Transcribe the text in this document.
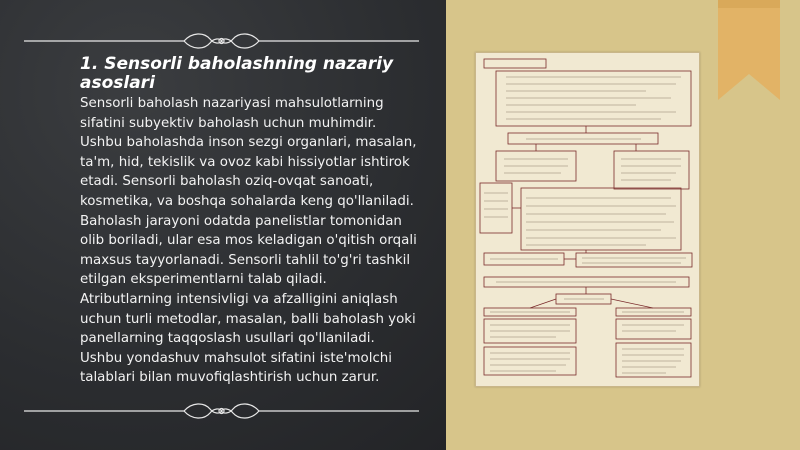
1. Sensorli baholashning nazariy asoslari

Sensorli baholash nazariyasi mahsulotlarning sifatini subyektiv baholash uchun muhimdir. Ushbu baholashda inson sezgi organlari, masalan, ta'm, hid, tekislik va ovoz kabi hissiyotlar ishtirok etadi. Sensorli baholash oziq-ovqat sanoati, kosmetika, va boshqa sohalarda keng qo'llaniladi. Baholash jarayoni odatda panelistlar tomonidan olib boriladi, ular esa mos keladigan o'qitish orqali maxsus tayyorlanadi. Sensorli tahlil to'g'ri tashkil etilgan eksperimentlarni talab qiladi. Atributlarning intensivligi va afzalligini aniqlash uchun turli metodlar, masalan, balli baholash yoki panellarning taqqoslash usullari qo'llaniladi. Ushbu yondashuv mahsulot sifatini iste'molchi talablari bilan muvofiqlashtirish uchun zarur.
